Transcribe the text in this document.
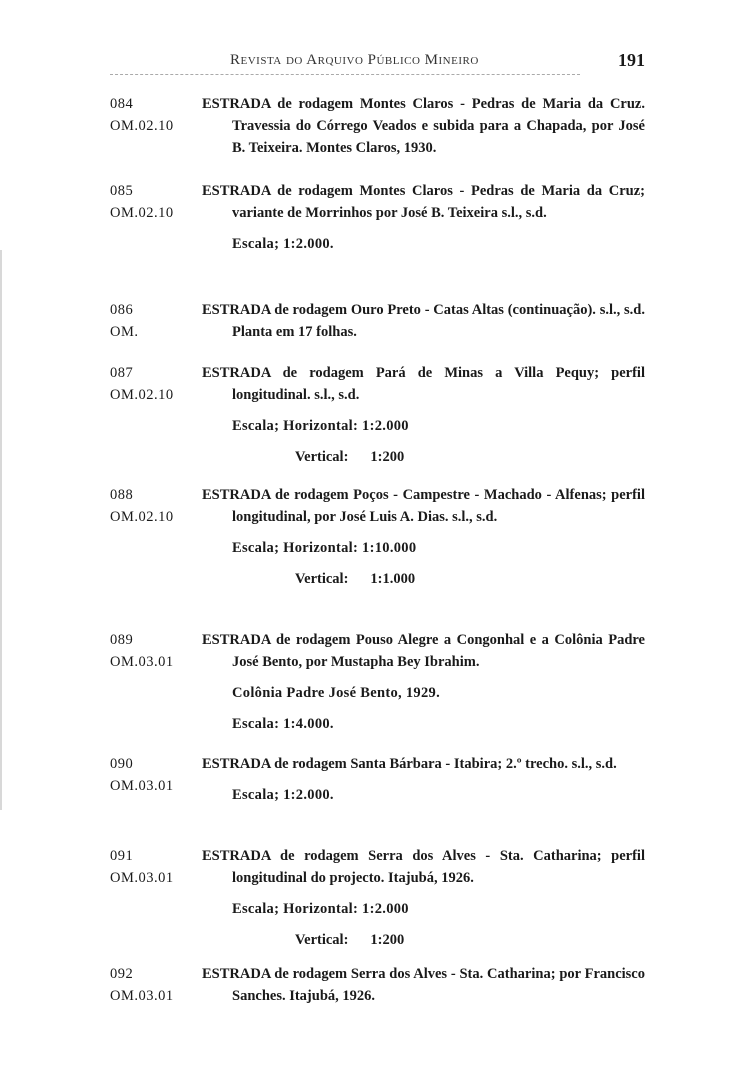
Revista do Arquivo Público Mineiro	191
084
OM.02.10
ESTRADA de rodagem Montes Claros - Pedras de Maria da Cruz. Travessia do Córrego Veados e subida para a Chapada, por José B. Teixeira. Montes Claros, 1930.
085
OM.02.10
ESTRADA de rodagem Montes Claros - Pedras de Maria da Cruz; variante de Morrinhos por José B. Teixeira s.l., s.d.
Escala; 1:2.000.
086
OM.
ESTRADA de rodagem Ouro Preto - Catas Altas (continuação). s.l., s.d. Planta em 17 folhas.
087
OM.02.10
ESTRADA de rodagem Pará de Minas a Villa Pequy; perfil longitudinal. s.l., s.d.
Escala; Horizontal: 1:2.000
Vertical: 1:200
088
OM.02.10
ESTRADA de rodagem Poços - Campestre - Machado - Alfenas; perfil longitudinal, por José Luis A. Dias. s.l., s.d.
Escala; Horizontal: 1:10.000
Vertical: 1:1.000
089
OM.03.01
ESTRADA de rodagem Pouso Alegre a Congonhal e a Colônia Padre José Bento, por Mustapha Bey Ibrahim.
Colônia Padre José Bento, 1929.
Escala: 1:4.000.
090
OM.03.01
ESTRADA de rodagem Santa Bárbara - Itabira; 2.º trecho. s.l., s.d.
Escala; 1:2.000.
091
OM.03.01
ESTRADA de rodagem Serra dos Alves - Sta. Catharina; perfil longitudinal do projecto. Itajubá, 1926.
Escala; Horizontal: 1:2.000
Vertical: 1:200
092
OM.03.01
ESTRADA de rodagem Serra dos Alves - Sta. Catharina; por Francisco Sanches. Itajubá, 1926.
